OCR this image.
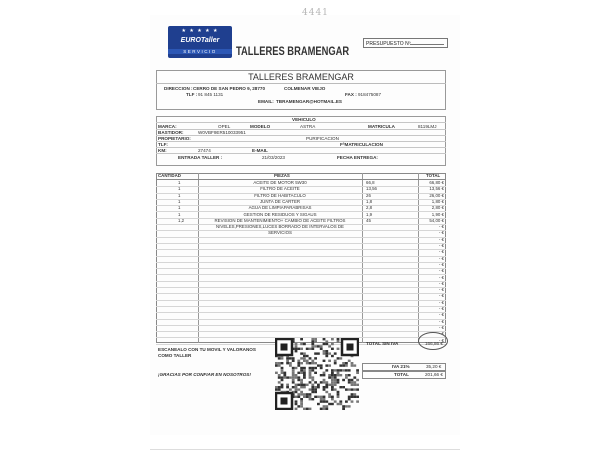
4441
★ ★ ★ ★ ★
EUROTaller
SERVICIO	TALLERES BRAMENGAR	PRESUPUESTO Nº
TALLERES BRAMENGAR
DIRECCION : CERRO DE SAN PEDRO 9, 28770	COLMENAR VIEJO
TLF : 91 845 1131	FAX : 918475087
EMAIL: TBRAMENGAR@HOTMAIL.ES
VEHICULO
MARCA:	OPEL	MODELO	ASTRA	MATRICULA	8119LMJ
BASTIDOR:	W0VBF9ER510033951
PROPIETARIO:	PURIFICACION
TLF:	FªMATRICULACION
KM:	27474	E-MAIL
ENTRADA TALLER :	21/03/2023	FECHA ENTREGA:
CANTIDAD	PIEZAS	TOTAL
1	ACEITE DE MOTOR 5W30	66,8	66,80 €
1	FILTRO DE ACEITE	13,56	13,56 €
1	FILTRO DE HABITACULO	26	26,00 €
1	JUNTA DE CARTER	1,8	1,80 €
1	AGUA DE LIMPIAPARABRISAS	2,8	2,80 €
1	GESTION DE RESIDUOS Y SIGAUS	1,9	1,90 €
1,2	REVISION DE MANTENIMIENTO+ CAMBIO DE ACEITE FILTROS	45	54,00 €
NIVELES,PRESIONES,LUCES BORRADO DE INTERVALOS DE	- €
SERVICIOS	- €
- €
- €
- €
- €
- €
- €
- €
- €
- €
- €
- €
- €
- €
- €
- €
- €
- €
TOTAL SIN IVA	166,86 €
IVA 21%	35,20 €
TOTAL	201,66 €
ESCANEALO CON TU MOVIL Y VALORANOS
COMO TALLER
¡GRACIAS POR CONFIAR EN NOSOTROS!
